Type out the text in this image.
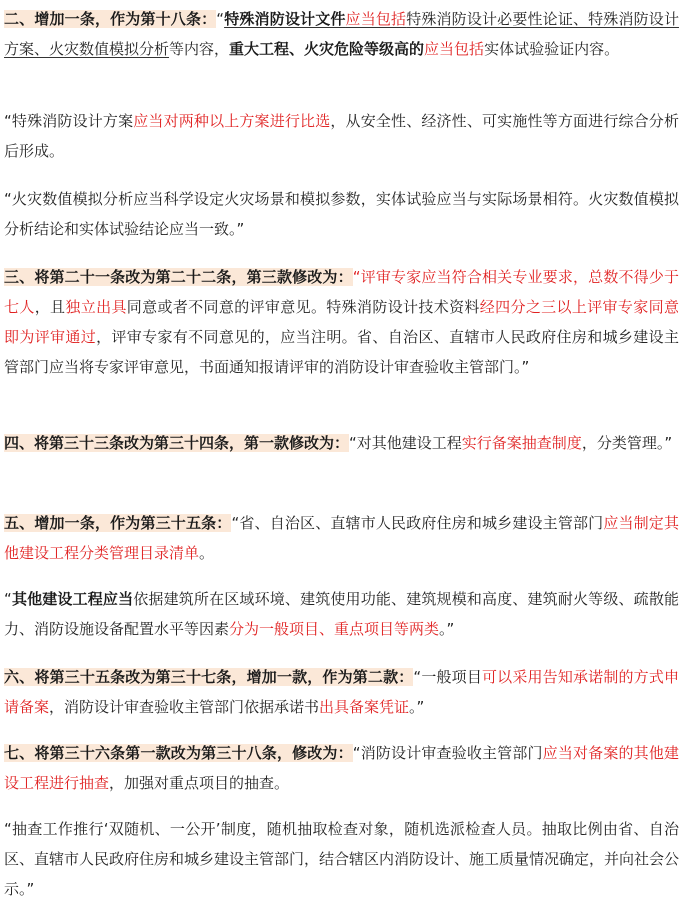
二、增加一条，作为第十八条：“特殊消防设计文件应当包括特殊消防设计必要性论证、特殊消防设计方案、火灾数值模拟分析等内容，重大工程、火灾危险等级高的应当包括实体试验验证内容。

“特殊消防设计方案应当对两种以上方案进行比选，从安全性、经济性、可实施性等方面进行综合分析后形成。

“火灾数值模拟分析应当科学设定火灾场景和模拟参数，实体试验应当与实际场景相符。火灾数值模拟分析结论和实体试验结论应当一致。”

三、将第二十一条改为第二十二条，第三款修改为：“评审专家应当符合相关专业要求，总数不得少于七人，且独立出具同意或者不同意的评审意见。特殊消防设计技术资料经四分之三以上评审专家同意即为评审通过，评审专家有不同意见的，应当注明。省、自治区、直辖市人民政府住房和城乡建设主管部门应当将专家评审意见，书面通知报请评审的消防设计审查验收主管部门。”

四、将第三十三条改为第三十四条，第一款修改为：“对其他建设工程实行备案抽查制度，分类管理。”

五、增加一条，作为第三十五条：“省、自治区、直辖市人民政府住房和城乡建设主管部门应当制定其他建设工程分类管理目录清单。

“其他建设工程应当依据建筑所在区域环境、建筑使用功能、建筑规模和高度、建筑耐火等级、疏散能力、消防设施设备配置水平等因素分为一般项目、重点项目等两类。”

六、将第三十五条改为第三十七条，增加一款，作为第二款：“一般项目可以采用告知承诺制的方式申请备案，消防设计审查验收主管部门依据承诺书出具备案凭证。”

七、将第三十六条第一款改为第三十八条，修改为：“消防设计审查验收主管部门应当对备案的其他建设工程进行抽查，加强对重点项目的抽查。

“抽查工作推行‘双随机、一公开’制度，随机抽取检查对象，随机选派检查人员。抽取比例由省、自治区、直辖市人民政府住房和城乡建设主管部门，结合辖区内消防设计、施工质量情况确定，并向社会公示。”
